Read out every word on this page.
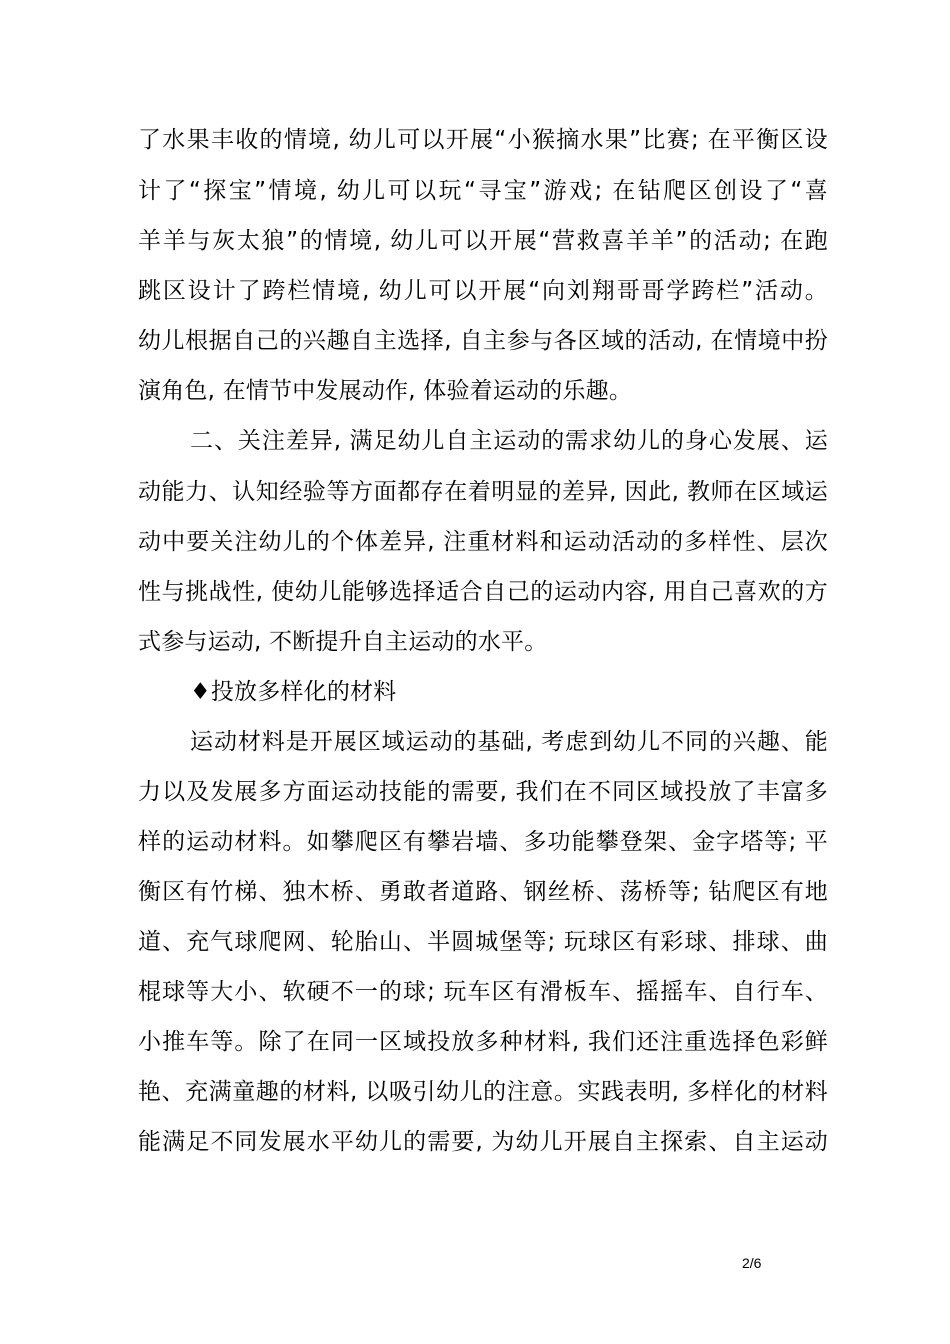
了水果丰收的情境, 幼儿可以开展“小猴摘水果”比赛; 在平衡区设
计了“探宝”情境, 幼儿可以玩“寻宝”游戏; 在钻爬区创设了“喜
羊羊与灰太狼”的情境, 幼儿可以开展“营救喜羊羊”的活动; 在跑
跳区设计了跨栏情境, 幼儿可以开展“向刘翔哥哥学跨栏”活动。
幼儿根据自己的兴趣自主选择, 自主参与各区域的活动, 在情境中扮
演角色, 在情节中发展动作, 体验着运动的乐趣。
二、关注差异, 满足幼儿自主运动的需求幼儿的身心发展、运
动能力、认知经验等方面都存在着明显的差异, 因此, 教师在区域运
动中要关注幼儿的个体差异, 注重材料和运动活动的多样性、层次
性与挑战性, 使幼儿能够选择适合自己的运动内容, 用自己喜欢的方
式参与运动, 不断提升自主运动的水平。
♦投放多样化的材料
运动材料是开展区域运动的基础, 考虑到幼儿不同的兴趣、能
力以及发展多方面运动技能的需要, 我们在不同区域投放了丰富多
样的运动材料。如攀爬区有攀岩墙、多功能攀登架、金字塔等; 平
衡区有竹梯、独木桥、勇敢者道路、钢丝桥、荡桥等; 钻爬区有地
道、充气球爬网、轮胎山、半圆城堡等; 玩球区有彩球、排球、曲
棍球等大小、软硬不一的球; 玩车区有滑板车、摇摇车、自行车、
小推车等。除了在同一区域投放多种材料, 我们还注重选择色彩鲜
艳、充满童趣的材料, 以吸引幼儿的注意。实践表明, 多样化的材料
能满足不同发展水平幼儿的需要, 为幼儿开展自主探索、自主运动
2/6
